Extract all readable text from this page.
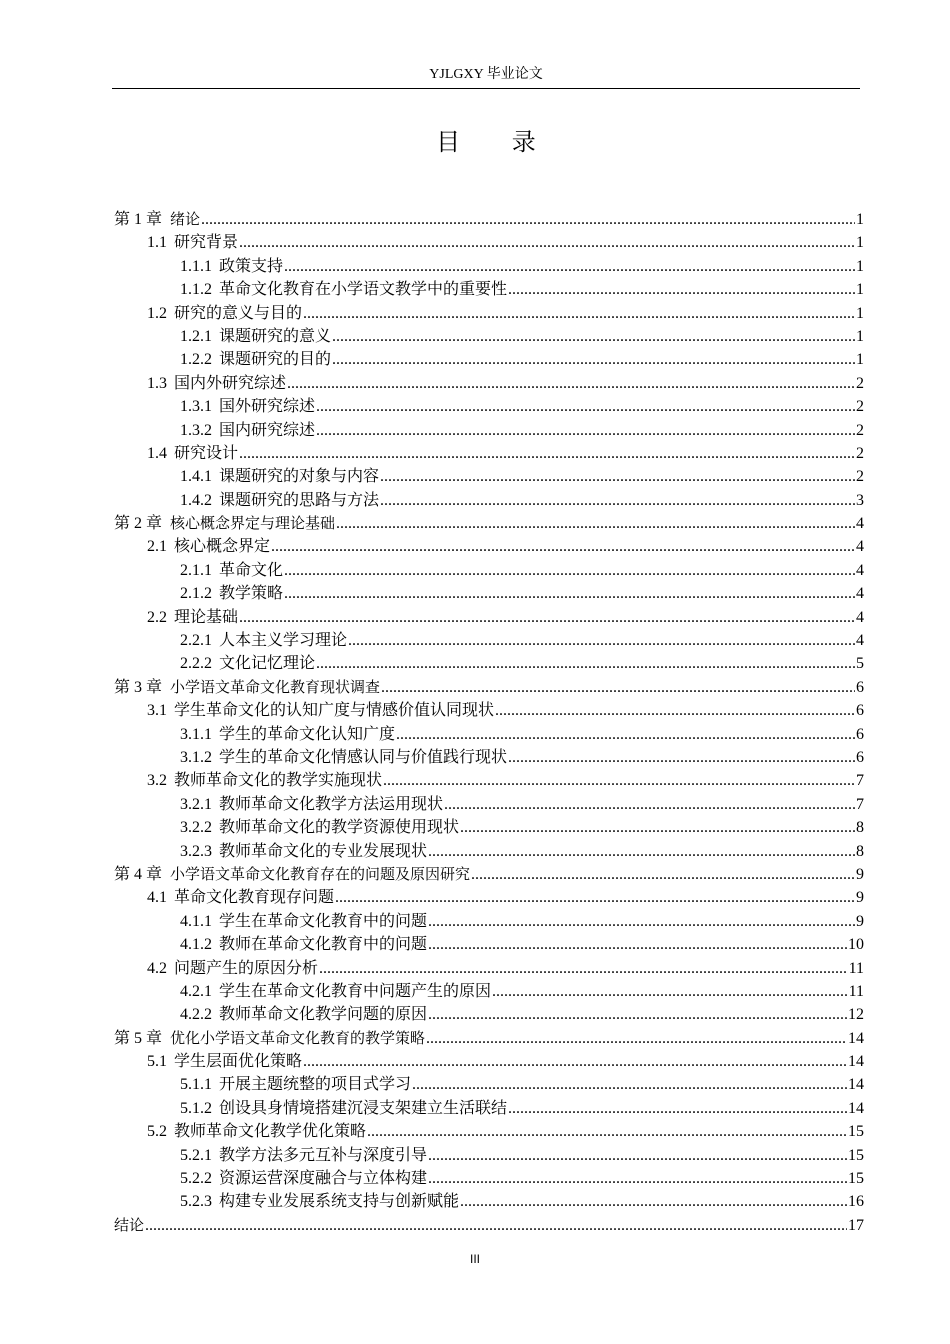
YJLGXY 毕业论文
目 录
第 1 章 绪论 .....	1
1.1 研究背景 .....	1
1.1.1 政策支持 .....	1
1.1.2 革命文化教育在小学语文教学中的重要性 .....	1
1.2 研究的意义与目的 .....	1
1.2.1 课题研究的意义 .....	1
1.2.2 课题研究的目的 .....	1
1.3 国内外研究综述 .....	2
1.3.1 国外研究综述 .....	2
1.3.2 国内研究综述 .....	2
1.4 研究设计 .....	2
1.4.1 课题研究的对象与内容 .....	2
1.4.2 课题研究的思路与方法 .....	3
第 2 章 核心概念界定与理论基础 .....	4
2.1 核心概念界定 .....	4
2.1.1 革命文化 .....	4
2.1.2 教学策略 .....	4
2.2 理论基础 .....	4
2.2.1 人本主义学习理论 .....	4
2.2.2 文化记忆理论 .....	5
第 3 章 小学语文革命文化教育现状调查 .....	6
3.1 学生革命文化的认知广度与情感价值认同现状 .....	6
3.1.1 学生的革命文化认知广度 .....	6
3.1.2 学生的革命文化情感认同与价值践行现状 .....	6
3.2 教师革命文化的教学实施现状 .....	7
3.2.1 教师革命文化教学方法运用现状 .....	7
3.2.2 教师革命文化的教学资源使用现状 .....	8
3.2.3 教师革命文化的专业发展现状 .....	8
第 4 章 小学语文革命文化教育存在的问题及原因研究 .....	9
4.1 革命文化教育现存问题 .....	9
4.1.1 学生在革命文化教育中的问题 .....	9
4.1.2 教师在革命文化教育中的问题 .....	10
4.2 问题产生的原因分析 .....	11
4.2.1 学生在革命文化教育中问题产生的原因 .....	11
4.2.2 教师革命文化教学问题的原因 .....	12
第 5 章 优化小学语文革命文化教育的教学策略 .....	14
5.1 学生层面优化策略 .....	14
5.1.1 开展主题统整的项目式学习 .....	14
5.1.2 创设具身情境搭建沉浸支架建立生活联结 .....	14
5.2 教师革命文化教学优化策略 .....	15
5.2.1 教学方法多元互补与深度引导 .....	15
5.2.2 资源运营深度融合与立体构建 .....	15
5.2.3 构建专业发展系统支持与创新赋能 .....	16
结论 .....	17
III
